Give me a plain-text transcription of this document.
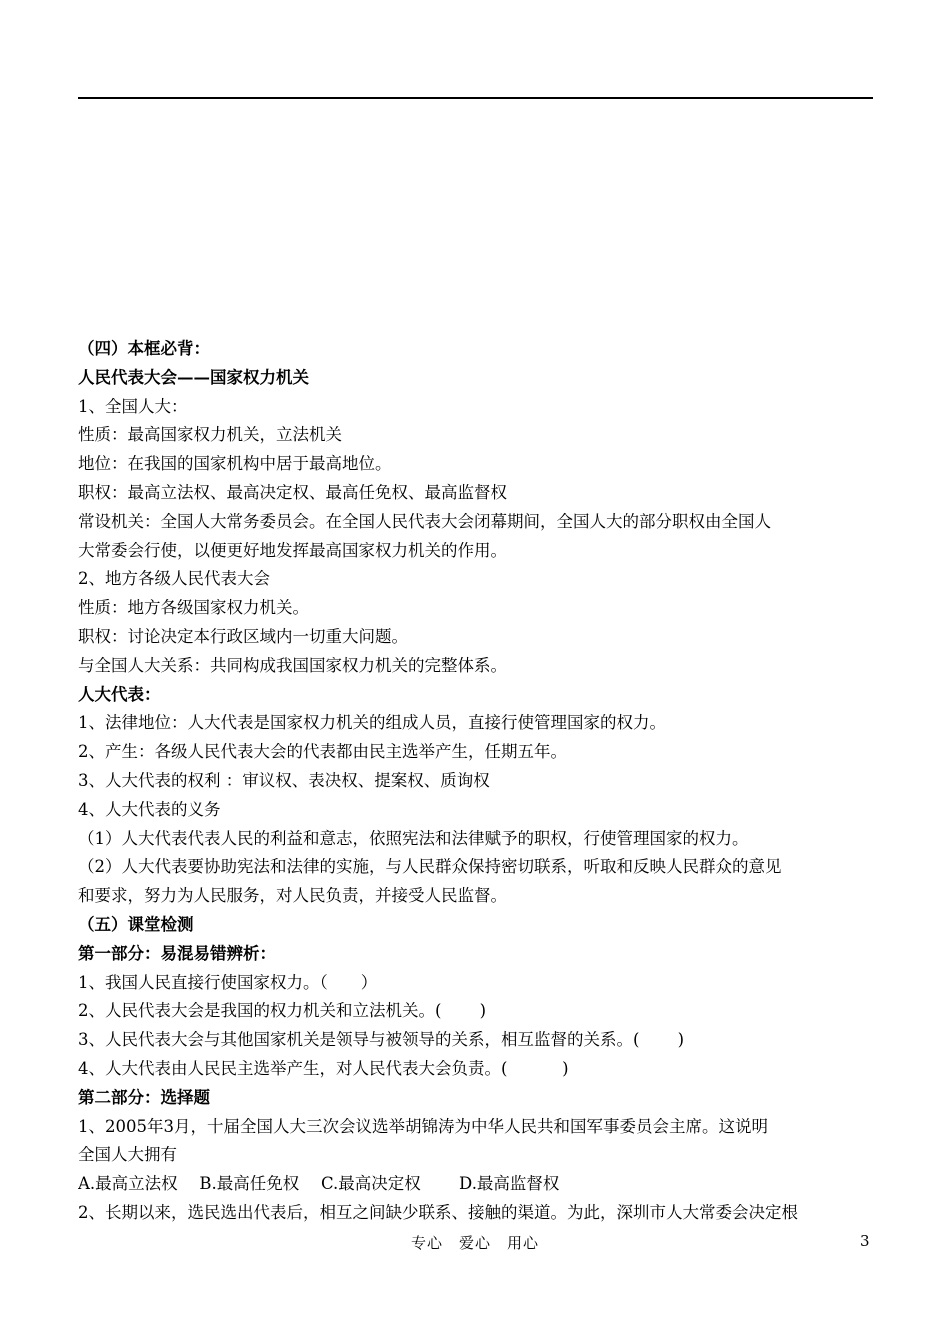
（四）本框必背：
人民代表大会——国家权力机关
1、全国人大：
性质：最高国家权力机关，立法机关
地位：在我国的国家机构中居于最高地位。
职权：最高立法权、最高决定权、最高任免权、最高监督权
常设机关：全国人大常务委员会。在全国人民代表大会闭幕期间，全国人大的部分职权由全国人
大常委会行使，以便更好地发挥最高国家权力机关的作用。
2、地方各级人民代表大会
性质：地方各级国家权力机关。
职权：讨论决定本行政区域内一切重大问题。
与全国人大关系：共同构成我国国家权力机关的完整体系。
人大代表：
1、法律地位：人大代表是国家权力机关的组成人员，直接行使管理国家的权力。
2、产生：各级人民代表大会的代表都由民主选举产生，任期五年。
3、人大代表的权利 ：审议权、表决权、提案权、质询权
4、人大代表的义务
（1）人大代表代表人民的利益和意志，依照宪法和法律赋予的职权，行使管理国家的权力。
（2）人大代表要协助宪法和法律的实施，与人民群众保持密切联系，听取和反映人民群众的意见
和要求，努力为人民服务，对人民负责，并接受人民监督。
（五）课堂检测
第一部分：易混易错辨析：
1、我国人民直接行使国家权力。（　　）
2、人民代表大会是我国的权力机关和立法机关。(　　 )
3、人民代表大会与其他国家机关是领导与被领导的关系，相互监督的关系。(　　 )
4、人大代表由人民民主选举产生，对人民代表大会负责。(　　　 )
第二部分：选择题
1、2005年3月，十届全国人大三次会议选举胡锦涛为中华人民共和国军事委员会主席。这说明
全国人大拥有
A.最高立法权　 B.最高任免权　 C.最高决定权　 　D.最高监督权
2、长期以来，选民选出代表后，相互之间缺少联系、接触的渠道。为此，深圳市人大常委会决定根
专心　爱心　用心	3
